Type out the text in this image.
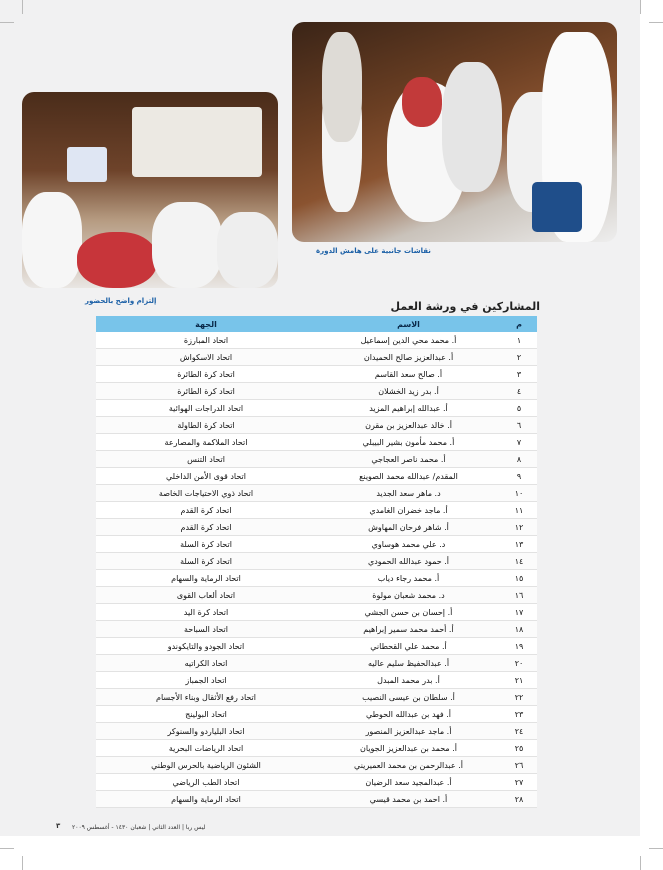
نقاشات جانبية على هامش الدورة
إلتزام واضح بالحضور	المشاركين في ورشة العمل
م	الاسم	الجهة
١	أ. محمد محي الدين إسماعيل	اتحاد المبارزة
٢	أ. عبدالعزيز صالح الحميدان	اتحاد الاسكواش
٣	أ. صالح سعد القاسم	اتحاد كرة الطائرة
٤	أ. بدر زيد الخشلان	اتحاد كرة الطائرة
٥	أ. عبدالله إبراهيم المزيد	اتحاد الدراجات الهوائية
٦	أ. خالد عبدالعزيز بن مقرن	اتحاد كرة الطاولة
٧	أ. محمد مأمون بشير البيبلي	اتحاد الملاكمة والمصارعة
٨	أ. محمد ناصر العجاجي	اتحاد التنس
٩	المقدم/ عبدالله محمد الصوينع	اتحاد قوى الأمن الداخلي
١٠	د. ماهر سعد الجديد	اتحاد ذوي الاحتياجات الخاصة
١١	أ. ماجد خضران الغامدي	اتحاد كرة القدم
١٢	أ. شاهر فرحان المهاوش	اتحاد كرة القدم
١٣	د. علي محمد هوساوي	اتحاد كرة السلة
١٤	أ. حمود عبدالله الحمودي	اتحاد كرة السلة
١٥	أ. محمد رجاء دياب	اتحاد الرماية والسهام
١٦	د. محمد شعبان مولوة	اتحاد ألعاب القوى
١٧	أ. إحسان بن حسن الجشي	اتحاد كرة اليد
١٨	أ. أحمد محمد سمير إبراهيم	اتحاد السباحة
١٩	أ. محمد علي القحطاني	اتحاد الجودو والتايكوندو
٢٠	أ. عبدالحفيظ سليم عاليه	اتحاد الكراتيه
٢١	أ. بدر محمد المبدل	اتحاد الجمباز
٢٢	أ. سلطان بن عيسى النصيب	اتحاد رفع الأثقال وبناء الأجسام
٢٣	أ. فهد بن عبدالله الحوطي	اتحاد البولينج
٢٤	أ. ماجد عبدالعزيز المنصور	اتحاد البلياردو والسنوكر
٢٥	أ. محمد بن عبدالعزيز الجويان	اتحاد الرياضات البحرية
٢٦	أ. عبدالرحمن بن محمد العميريني	الشئون الرياضية بالحرس الوطني
٢٧	أ. عبدالمجيد سعد الرضيان	اتحاد الطب الرياضي
٢٨	أ. احمد بن محمد قيسي	اتحاد الرماية والسهام
٣ ليس ربا | العدد الثاني | شعبان ١٤٣٠ - أغسطس ٢٠٠٩
